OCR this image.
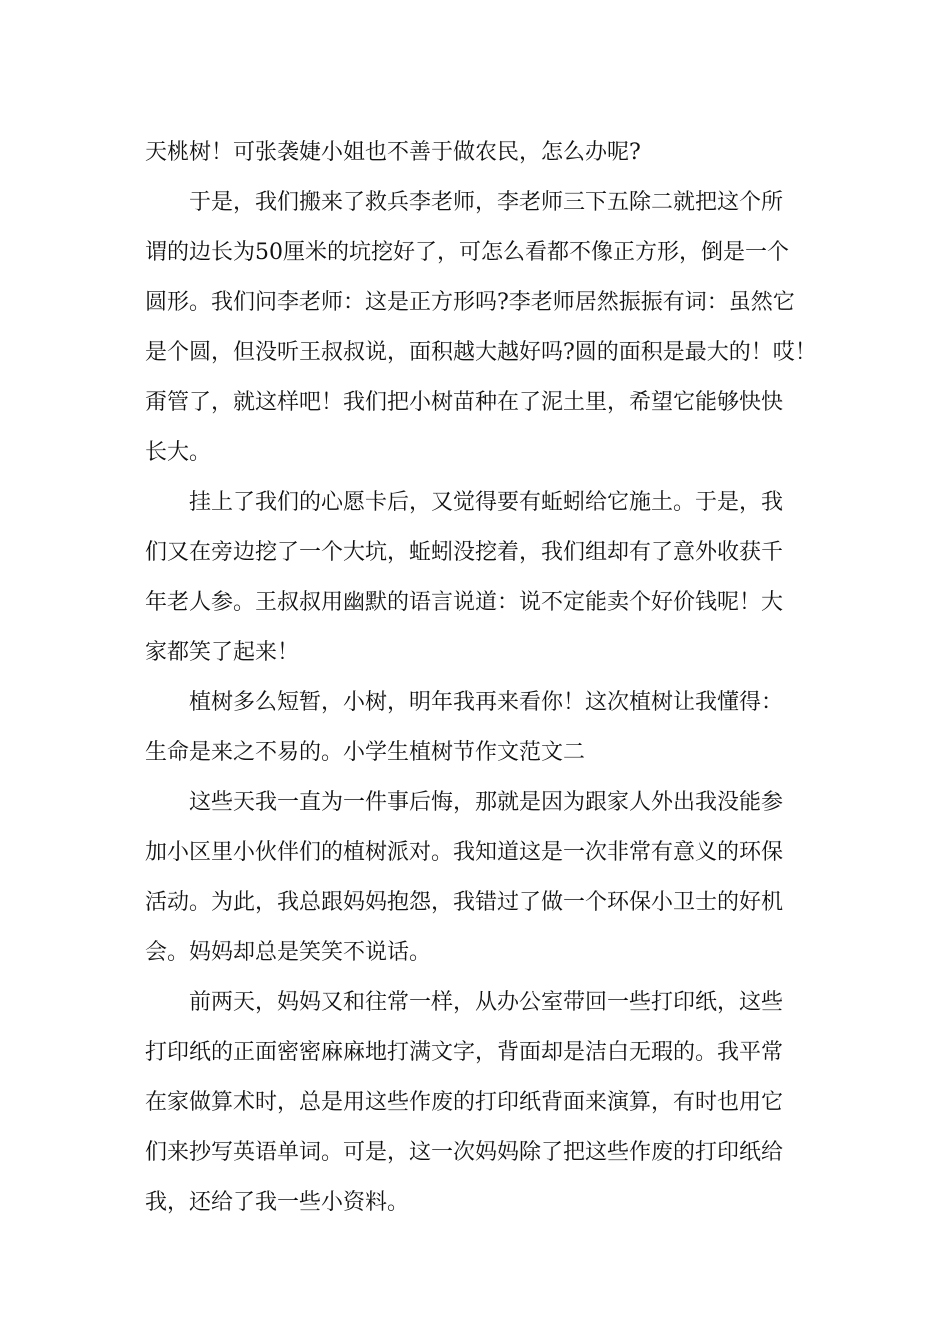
天桃树！可张袭婕小姐也不善于做农民，怎么办呢?
于是，我们搬来了救兵李老师，李老师三下五除二就把这个所
谓的边长为50厘米的坑挖好了，可怎么看都不像正方形，倒是一个
圆形。我们问李老师：这是正方形吗?李老师居然振振有词：虽然它
是个圆，但没听王叔叔说，面积越大越好吗?圆的面积是最大的！哎！
甭管了，就这样吧！我们把小树苗种在了泥土里，希望它能够快快
长大。
挂上了我们的心愿卡后，又觉得要有蚯蚓给它施土。于是，我
们又在旁边挖了一个大坑，蚯蚓没挖着，我们组却有了意外收获千
年老人参。王叔叔用幽默的语言说道：说不定能卖个好价钱呢！大
家都笑了起来！
植树多么短暂，小树，明年我再来看你！这次植树让我懂得：
生命是来之不易的。小学生植树节作文范文二
这些天我一直为一件事后悔，那就是因为跟家人外出我没能参
加小区里小伙伴们的植树派对。我知道这是一次非常有意义的环保
活动。为此，我总跟妈妈抱怨，我错过了做一个环保小卫士的好机
会。妈妈却总是笑笑不说话。
前两天，妈妈又和往常一样，从办公室带回一些打印纸，这些
打印纸的正面密密麻麻地打满文字，背面却是洁白无瑕的。我平常
在家做算术时，总是用这些作废的打印纸背面来演算，有时也用它
们来抄写英语单词。可是，这一次妈妈除了把这些作废的打印纸给
我，还给了我一些小资料。
